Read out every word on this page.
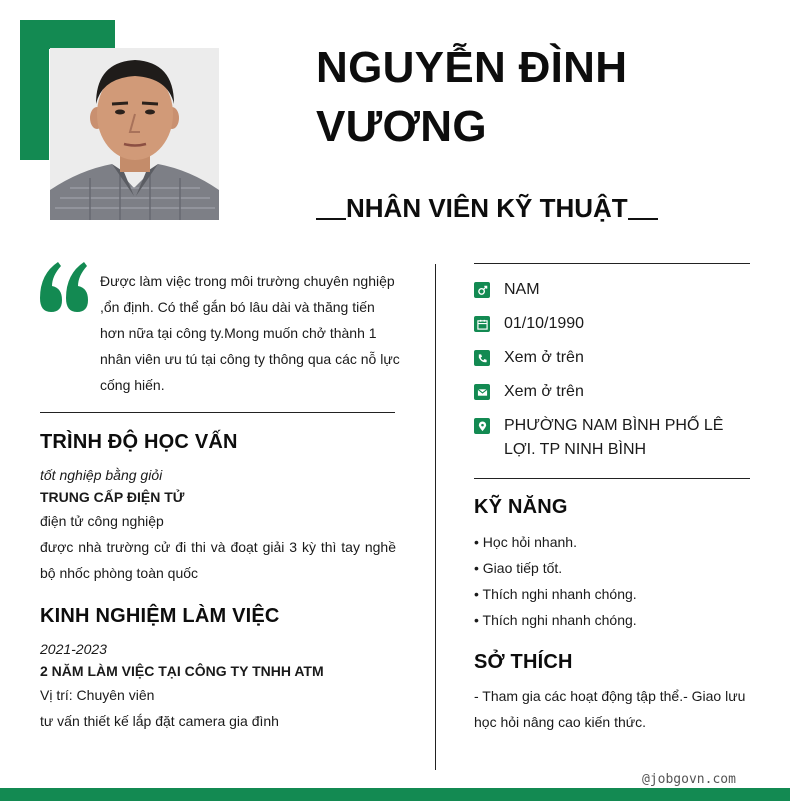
NGUYỄN ĐÌNH VƯƠNG
NHÂN VIÊN KỸ THUẬT

Được làm việc trong môi trường chuyên nghiệp ,ổn định. Có thể gắn bó lâu dài và thăng tiến hơn nữa tại công ty.Mong muốn chở thành 1 nhân viên ưu tú tại công ty thông qua các nỗ lực cống hiến.

TRÌNH ĐỘ HỌC VẤN
tốt nghiệp bằng giỏi
TRUNG CẤP ĐIỆN TỬ
điện tử công nghiệp
được nhà trường cử đi thi và đoạt giải 3 kỳ thì tay nghề bộ nhốc phòng toàn quốc
KINH NGHIỆM LÀM VIỆC
2021-2023
2 NĂM LÀM VIỆC TẠI CÔNG TY TNHH ATM
Vị trí: Chuyên viên
tư vấn thiết kế lắp đặt camera gia đình
NAM
01/10/1990
Xem ở trên
Xem ở trên
PHƯỜNG NAM BÌNH PHỐ LÊ LỢI. TP NINH BÌNH
KỸ NĂNG
• Học hỏi nhanh.
• Giao tiếp tốt.
• Thích nghi nhanh chóng.
• Thích nghi nhanh chóng.
SỞ THÍCH

- Tham gia các hoạt động tập thể.- Giao lưu học hỏi nâng cao kiến thức.

@jobgovn.com
